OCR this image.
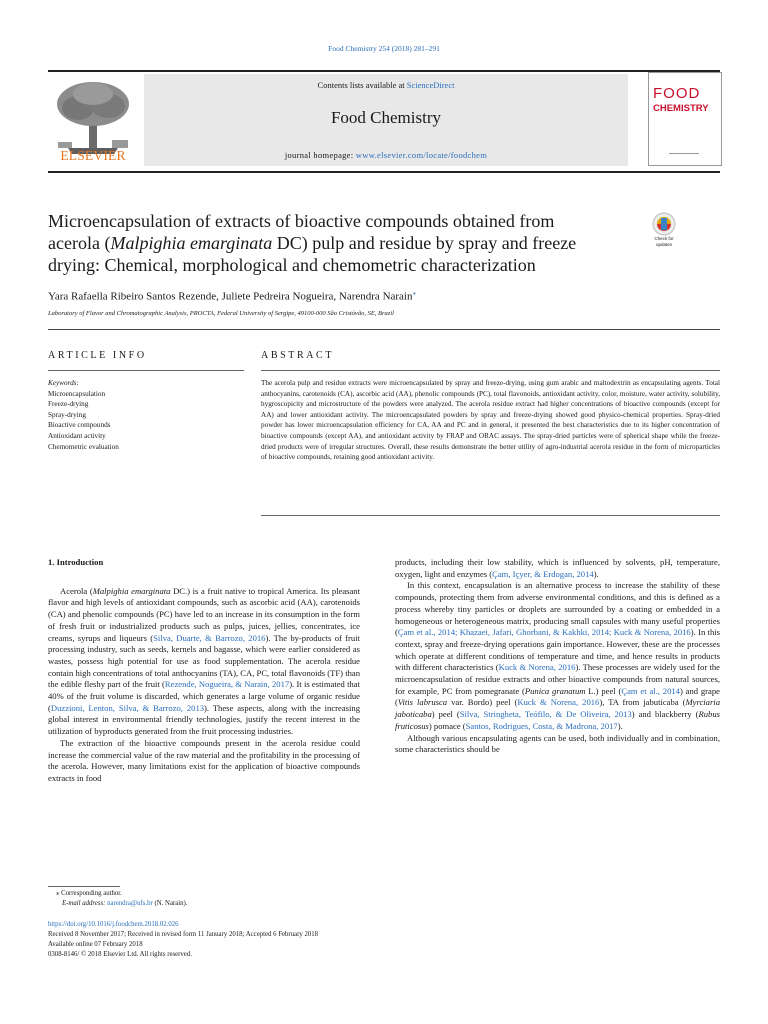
Food Chemistry 254 (2018) 281–291
ELSEVIER
Contents lists available at ScienceDirect
Food Chemistry
journal homepage: www.elsevier.com/locate/foodchem
FOOD
CHEMISTRY
Microencapsulation of extracts of bioactive compounds obtained from acerola (Malpighia emarginata DC) pulp and residue by spray and freeze drying: Chemical, morphological and chemometric characterization
Check for
updates
Yara Rafaella Ribeiro Santos Rezende, Juliete Pedreira Nogueira, Narendra Narain⁎
Laboratory of Flavor and Chromatographic Analysis, PROCTA, Federal University of Sergipe, 49100-000 São Cristóvão, SE, Brazil
ARTICLE INFO	ABSTRACT
Keywords:
Microencapsulation
Freeze-drying
Spray-drying
Bioactive compounds
Antioxidant activity
Chemometric evaluation
The acerola pulp and residue extracts were microencapsulated by spray and freeze-drying, using gum arabic and maltodextrin as encapsulating agents. Total anthocyanins, carotenoids (CA), ascorbic acid (AA), phenolic compounds (PC), total flavonoids, antioxidant activity, color, moisture, water activity, solubility, hygroscopicity and microstructure of the powders were analyzed. The acerola residue extract had higher concentrations of bioactive compounds (except for AA) and lower antioxidant activity. The microencapsulated powders by spray and freeze-drying showed good physico-chemical properties. Spray-dried powder has lower microencapsulation efficiency for CA, AA and PC and in general, it presented the best characteristics due to its higher concentration of bioactive compounds (except AA), and antioxidant activity by FRAP and ORAC assays. The spray-dried particles were of spherical shape while the freeze-dried products were of irregular structures. Overall, these results demonstrate the better utility of agro-industrial acerola residue in the form of microparticles of bioactive compounds, retaining good antioxidant activity.
1. Introduction

Acerola (Malpighia emarginata DC.) is a fruit native to tropical America. Its pleasant flavor and high levels of antioxidant compounds, such as ascorbic acid (AA), carotenoids (CA) and phenolic compounds (PC) have led to an increase in its consumption in the form of fresh fruit or industrialized products such as pulps, juices, jellies, concentrates, ice creams, syrups and liqueurs (Silva, Duarte, & Barrozo, 2016). The by-products of fruit processing industry, such as seeds, kernels and bagasse, which were earlier considered as wastes, possess high potential for use as food supplementation. The acerola residue contain high concentrations of total anthocyanins (TA), CA, PC, total flavonoids (TF) than the edible fleshy part of the fruit (Rezende, Nogueira, & Narain, 2017). It is estimated that 40% of the fruit volume is discarded, which generates a large volume of organic residue (Duzzioni, Lenton, Silva, & Barrozo, 2013). These aspects, along with the increasing global interest in environmental friendly technologies, justify the recent interest in the utilization of byproducts generated from the fruit processing industries.

The extraction of the bioactive compounds present in the acerola residue could increase the commercial value of the raw material and the profitability in the processing of the acerola. However, many limitations exist for the application of bioactive compounds extracts in food

products, including their low stability, which is influenced by solvents, pH, temperature, oxygen, light and enzymes (Çam, Içyer, & Erdogan, 2014).

In this context, encapsulation is an alternative process to increase the stability of these compounds, protecting them from adverse environmental conditions, and this is defined as a process whereby tiny particles or droplets are surrounded by a coating or embedded in a homogeneous or heterogeneous matrix, producing small capsules with many useful properties (Çam et al., 2014; Khazaei, Jafari, Ghorbani, & Kakhki, 2014; Kuck & Norena, 2016). In this context, spray and freeze-drying operations gain importance. However, these are the processes which operate at different conditions of temperature and time, and hence results in products with different characteristics (Kuck & Norena, 2016). These processes are widely used for the microencapsulation of residue extracts and other bioactive compounds from natural sources, for example, PC from pomegranate (Punica granatum L.) peel (Çam et al., 2014) and grape (Vitis labrusca var. Bordo) peel (Kuck & Norena, 2016), TA from jabuticaba (Myrciaria jaboticaba) peel (Silva, Stringheta, Teófilo, & De Oliveira, 2013) and blackberry (Rubus fruticosus) pomace (Santos, Rodrigues, Costa, & Madrona, 2017).

Although various encapsulating agents can be used, both individually and in combination, some characteristics should be

⁎ Corresponding author.
E-mail address: narendra@ufs.br (N. Narain).
https://doi.org/10.1016/j.foodchem.2018.02.026
Received 8 November 2017; Received in revised form 11 January 2018; Accepted 6 February 2018
Available online 07 February 2018
0308-8146/ © 2018 Elsevier Ltd. All rights reserved.
